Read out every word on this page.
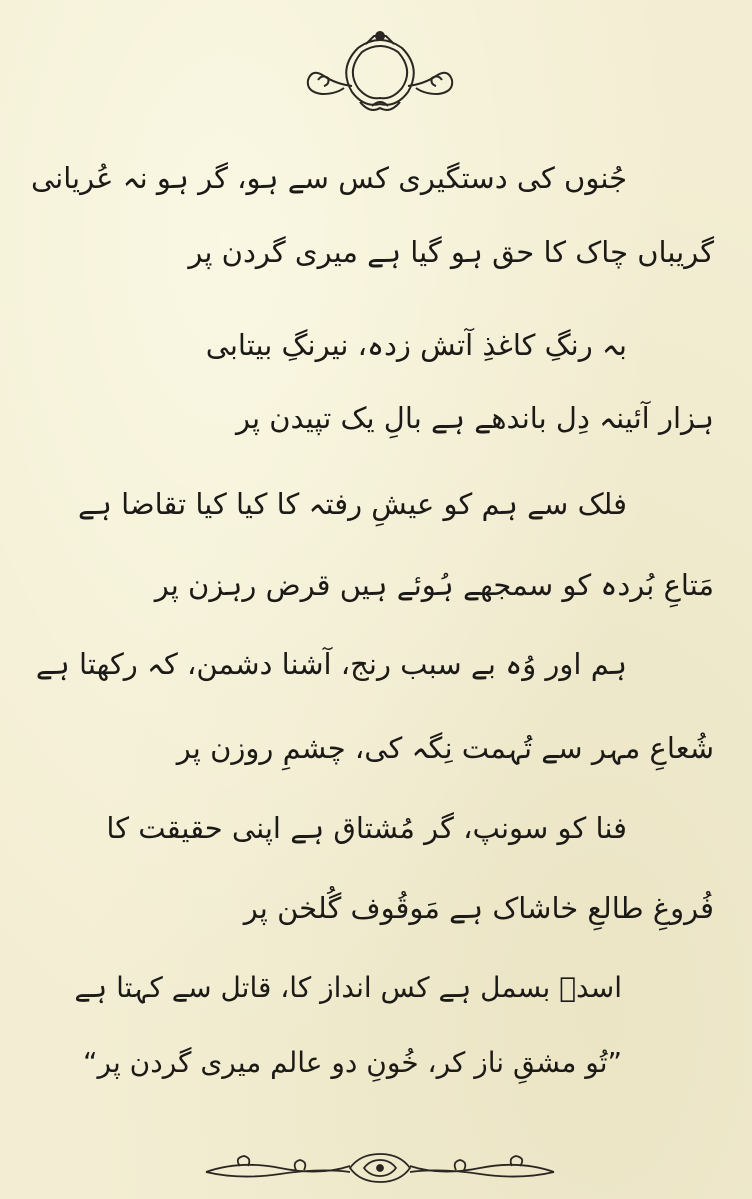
جُنوں کی دستگیری کس سے ہو، گر ہو نہ عُریانی
گریباں چاک کا حق ہو گیا ہے میری گردن پر
بہ رنگِ کاغذِ آتش زدہ، نیرنگِ بیتابی
ہزار آئینہ دِل باندھے ہے بالِ یک تپیدن پر
فلک سے ہم کو عیشِ رفتہ کا کیا کیا تقاضا ہے
مَتاعِ بُردہ کو سمجھے ہُوئے ہیں قرض رہزن پر
ہم اور وُہ بے سبب رنج، آشنا دشمن، کہ رکھتا ہے
شُعاعِ مہر سے تُہمت نِگہ کی، چشمِ روزن پر
فنا کو سونپ، گر مُشتاق ہے اپنی حقیقت کا
فُروغِ طالعِ خاشاک ہے مَوقُوف گُلخن پر
اسدؔ بسمل ہے کس انداز کا، قاتل سے کہتا ہے
”تُو مشقِ ناز کر، خُونِ دو عالم میری گردن پر“
